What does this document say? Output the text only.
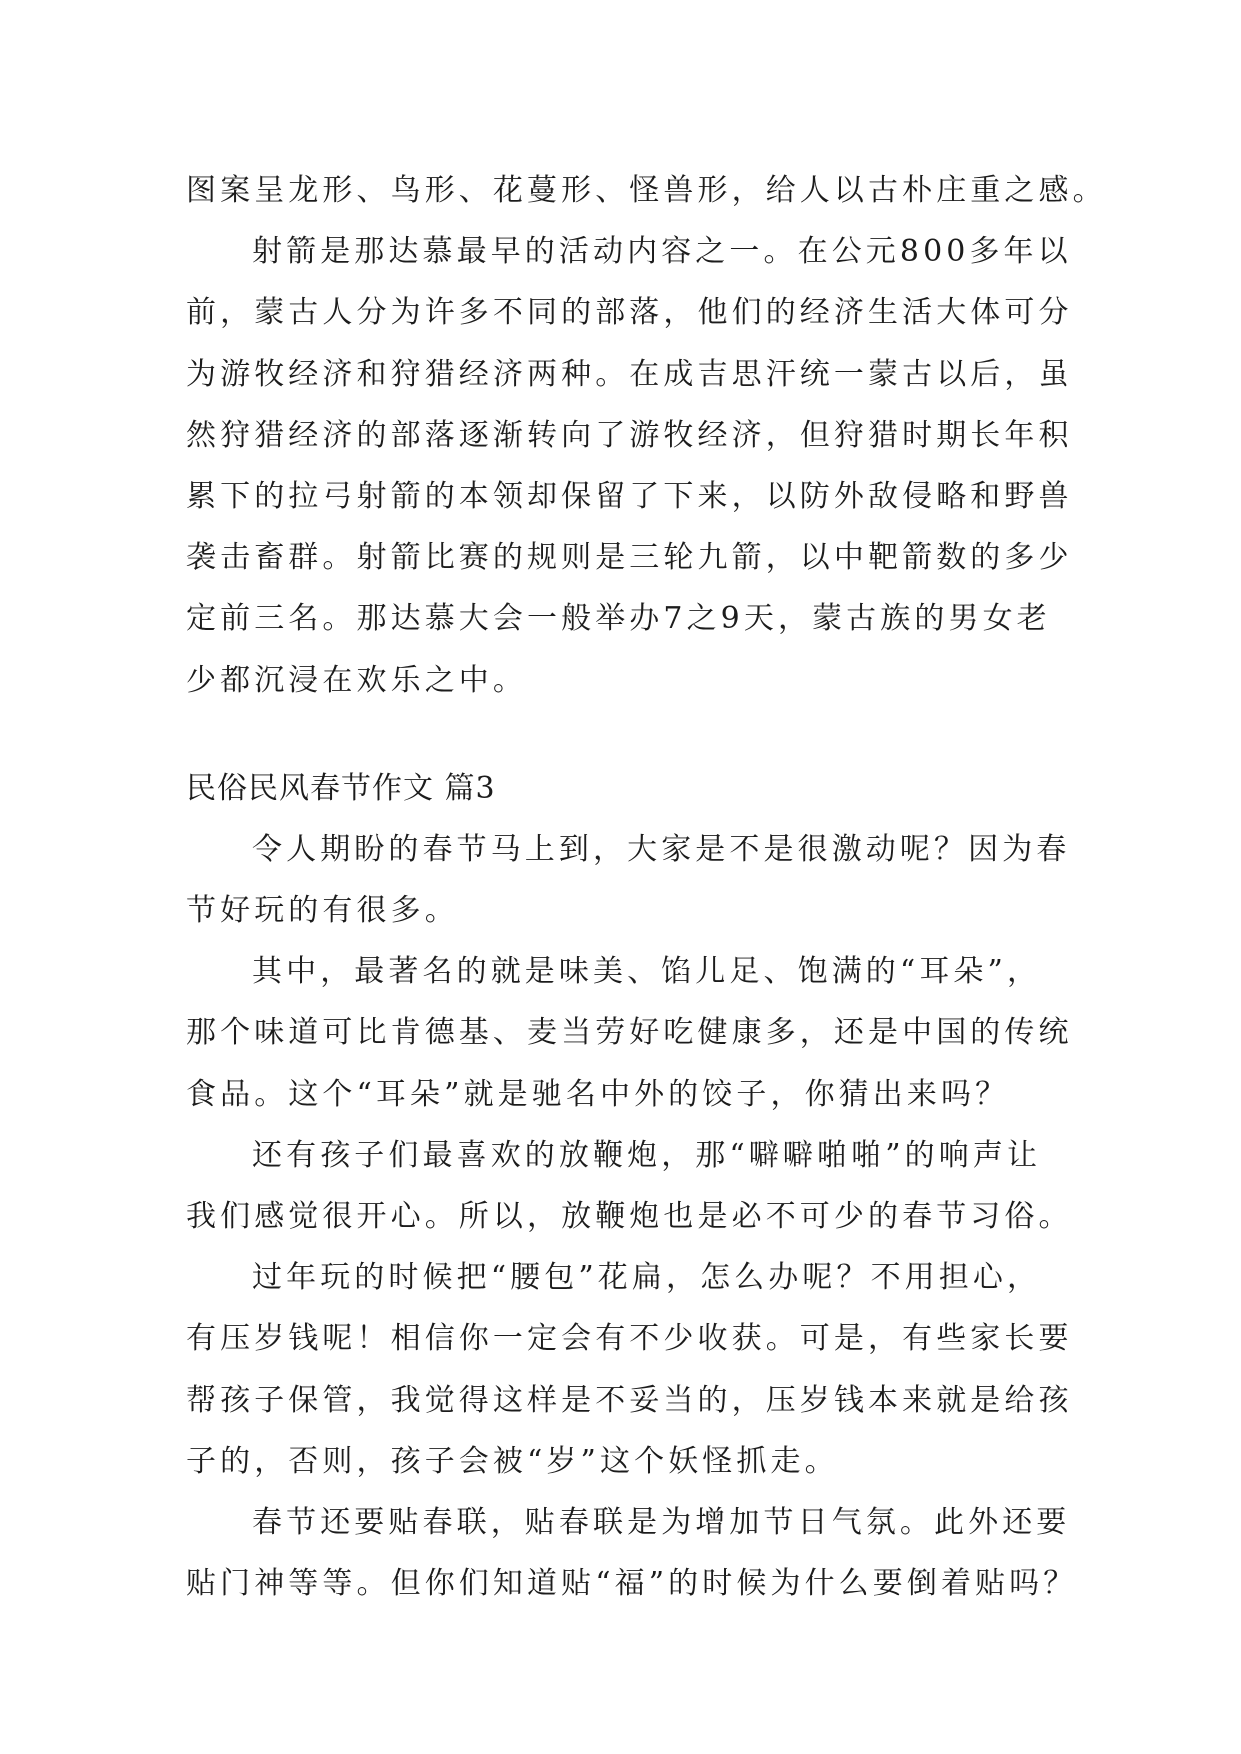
图案呈龙形、鸟形、花蔓形、怪兽形，给人以古朴庄重之感。
射箭是那达慕最早的活动内容之一。在公元800多年以
前，蒙古人分为许多不同的部落，他们的经济生活大体可分
为游牧经济和狩猎经济两种。在成吉思汗统一蒙古以后，虽
然狩猎经济的部落逐渐转向了游牧经济，但狩猎时期长年积
累下的拉弓射箭的本领却保留了下来，以防外敌侵略和野兽
袭击畜群。射箭比赛的规则是三轮九箭，以中靶箭数的多少
定前三名。那达慕大会一般举办7之9天，蒙古族的男女老
少都沉浸在欢乐之中。
民俗民风春节作文 篇3
令人期盼的春节马上到，大家是不是很激动呢？因为春
节好玩的有很多。
其中，最著名的就是味美、馅儿足、饱满的“耳朵”，
那个味道可比肯德基、麦当劳好吃健康多，还是中国的传统
食品。这个“耳朵”就是驰名中外的饺子，你猜出来吗？
还有孩子们最喜欢的放鞭炮，那“噼噼啪啪”的响声让
我们感觉很开心。所以，放鞭炮也是必不可少的春节习俗。
过年玩的时候把“腰包”花扁，怎么办呢？不用担心，
有压岁钱呢！相信你一定会有不少收获。可是，有些家长要
帮孩子保管，我觉得这样是不妥当的，压岁钱本来就是给孩
子的，否则，孩子会被“岁”这个妖怪抓走。
春节还要贴春联，贴春联是为增加节日气氛。此外还要
贴门神等等。但你们知道贴“福”的时候为什么要倒着贴吗？
